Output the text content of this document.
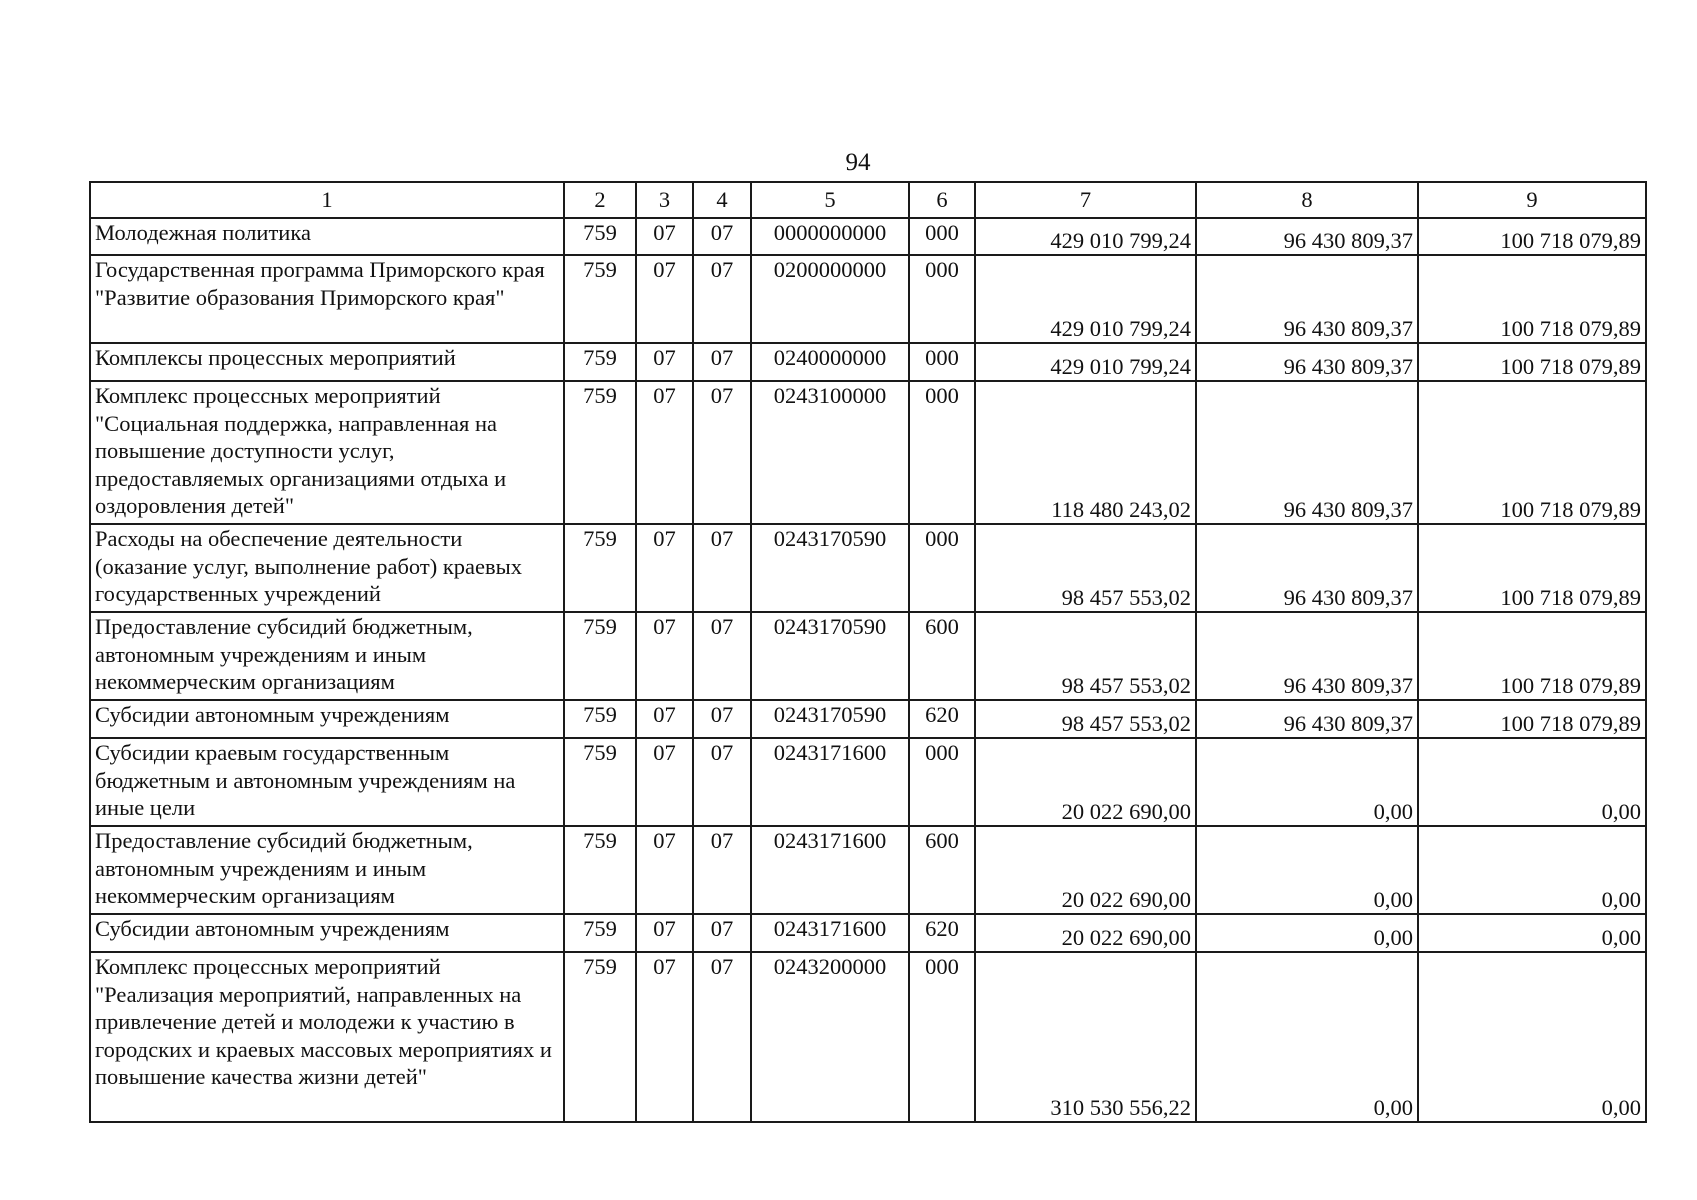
94
1	2	3	4	5	6	7	8	9
Молодежная политика	759	07	07	0000000000	000	429 010 799,24	96 430 809,37	100 718 079,89
Государственная программа Приморского края "Развитие образования Приморского края"	759	07	07	0200000000	000	429 010 799,24	96 430 809,37	100 718 079,89
Комплексы процессных мероприятий	759	07	07	0240000000	000	429 010 799,24	96 430 809,37	100 718 079,89
Комплекс процессных мероприятий "Социальная поддержка, направленная на повышение доступности услуг, предоставляемых организациями отдыха и оздоровления детей"	759	07	07	0243100000	000	118 480 243,02	96 430 809,37	100 718 079,89
Расходы на обеспечение деятельности (оказание услуг, выполнение работ) краевых государственных учреждений	759	07	07	0243170590	000	98 457 553,02	96 430 809,37	100 718 079,89
Предоставление субсидий бюджетным, автономным учреждениям и иным некоммерческим организациям	759	07	07	0243170590	600	98 457 553,02	96 430 809,37	100 718 079,89
Субсидии автономным учреждениям	759	07	07	0243170590	620	98 457 553,02	96 430 809,37	100 718 079,89
Субсидии краевым государственным бюджетным и автономным учреждениям на иные цели	759	07	07	0243171600	000	20 022 690,00	0,00	0,00
Предоставление субсидий бюджетным, автономным учреждениям и иным некоммерческим организациям	759	07	07	0243171600	600	20 022 690,00	0,00	0,00
Субсидии автономным учреждениям	759	07	07	0243171600	620	20 022 690,00	0,00	0,00
Комплекс процессных мероприятий "Реализация мероприятий, направленных на привлечение детей и молодежи к участию в городских и краевых массовых мероприятиях и повышение качества жизни детей"	759	07	07	0243200000	000	310 530 556,22	0,00	0,00
